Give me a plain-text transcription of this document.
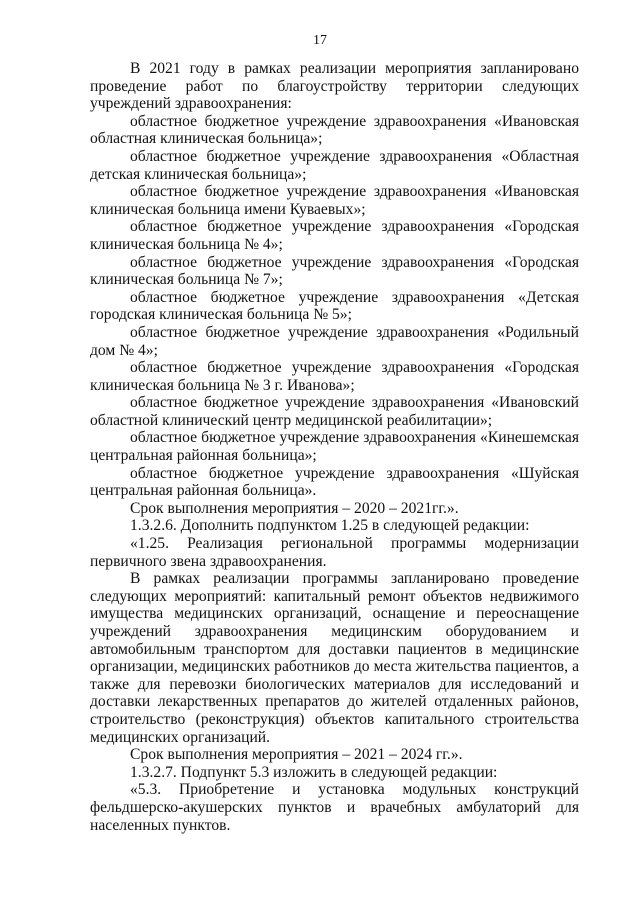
17

В 2021 году в рамках реализации мероприятия запланировано проведение работ по благоустройству территории следующих учреждений здравоохранения:

областное бюджетное учреждение здравоохранения «Ивановская областная клиническая больница»;

областное бюджетное учреждение здравоохранения «Областная детская клиническая больница»;

областное бюджетное учреждение здравоохранения «Ивановская клиническая больница имени Куваевых»;

областное бюджетное учреждение здравоохранения «Городская клиническая больница № 4»;

областное бюджетное учреждение здравоохранения «Городская клиническая больница № 7»;

областное бюджетное учреждение здравоохранения «Детская городская клиническая больница № 5»;

областное бюджетное учреждение здравоохранения «Родильный дом № 4»;

областное бюджетное учреждение здравоохранения «Городская клиническая больница № 3 г. Иванова»;

областное бюджетное учреждение здравоохранения «Ивановский областной клинический центр медицинской реабилитации»;

областное бюджетное учреждение здравоохранения «Кинешемская центральная районная больница»;

областное бюджетное учреждение здравоохранения «Шуйская центральная районная больница».

Срок выполнения мероприятия – 2020 – 2021гг.».

1.3.2.6. Дополнить подпунктом 1.25 в следующей редакции:

«1.25. Реализация региональной программы модернизации первичного звена здравоохранения.

В рамках реализации программы запланировано проведение следующих мероприятий: капитальный ремонт объектов недвижимого имущества медицинских организаций, оснащение и переоснащение учреждений здравоохранения медицинским оборудованием и автомобильным транспортом для доставки пациентов в медицинские организации, медицинских работников до места жительства пациентов, а также для перевозки биологических материалов для исследований и доставки лекарственных препаратов до жителей отдаленных районов, строительство (реконструкция) объектов капитального строительства медицинских организаций.

Срок выполнения мероприятия – 2021 – 2024 гг.».

1.3.2.7. Подпункт 5.3 изложить в следующей редакции:

«5.3. Приобретение и установка модульных конструкций фельдшерско-акушерских пунктов и врачебных амбулаторий для населенных пунктов.
